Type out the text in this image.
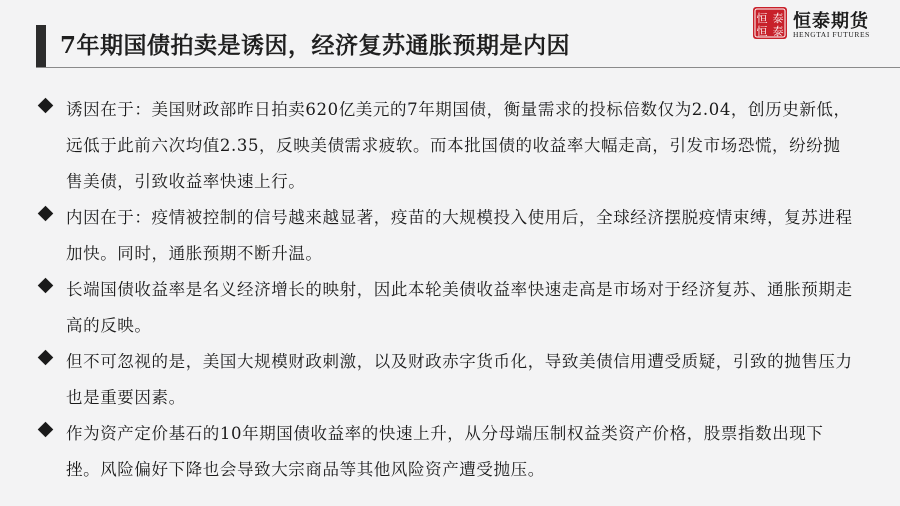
7年期国债拍卖是诱因，经济复苏通胀预期是内因
恒 泰
恒 泰 恒泰期货
HENGTAI FUTURES
诱因在于：美国财政部昨日拍卖620亿美元的7年期国债，衡量需求的投标倍数仅为2.04，创历史新低，远低于此前六次均值2.35，反映美债需求疲软。而本批国债的收益率大幅走高，引发市场恐慌，纷纷抛售美债，引致收益率快速上行。
内因在于：疫情被控制的信号越来越显著，疫苗的大规模投入使用后，全球经济摆脱疫情束缚，复苏进程加快。同时，通胀预期不断升温。
长端国债收益率是名义经济增长的映射，因此本轮美债收益率快速走高是市场对于经济复苏、通胀预期走高的反映。
但不可忽视的是，美国大规模财政刺激，以及财政赤字货币化，导致美债信用遭受质疑，引致的抛售压力也是重要因素。
作为资产定价基石的10年期国债收益率的快速上升，从分母端压制权益类资产价格，股票指数出现下挫。风险偏好下降也会导致大宗商品等其他风险资产遭受抛压。
